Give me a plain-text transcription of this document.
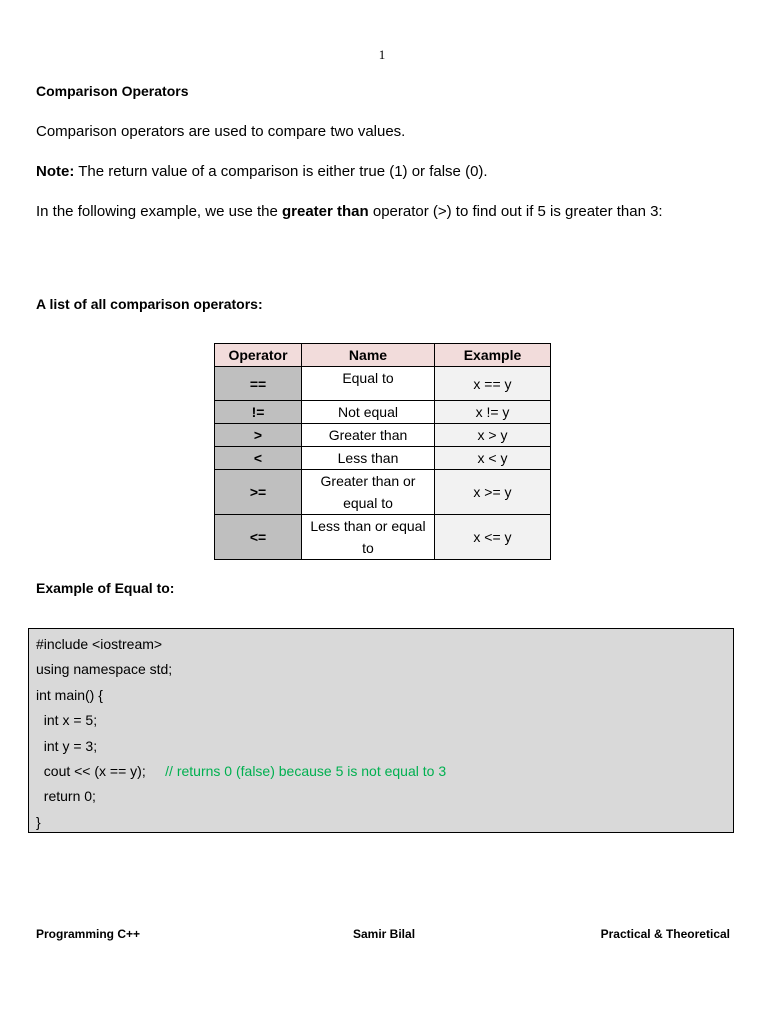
1
Comparison Operators
Comparison operators are used to compare two values.
Note: The return value of a comparison is either true (1) or false (0).
In the following example, we use the greater than operator (>) to find out if 5 is greater than 3:
A list of all comparison operators:
Operator	Name	Example
==	Equal to	x == y
!=	Not equal	x != y
>	Greater than	x > y
<	Less than	x < y
>=	Greater than or equal to	x >= y
<=	Less than or equal to	x <= y
Example of Equal to:
#include <iostream>
using namespace std;
int main() {
int x = 5;
int y = 3;
cout << (x == y);     // returns 0 (false) because 5 is not equal to 3
return 0;
}
Programming C++	Samir Bilal	Practical & Theoretical
